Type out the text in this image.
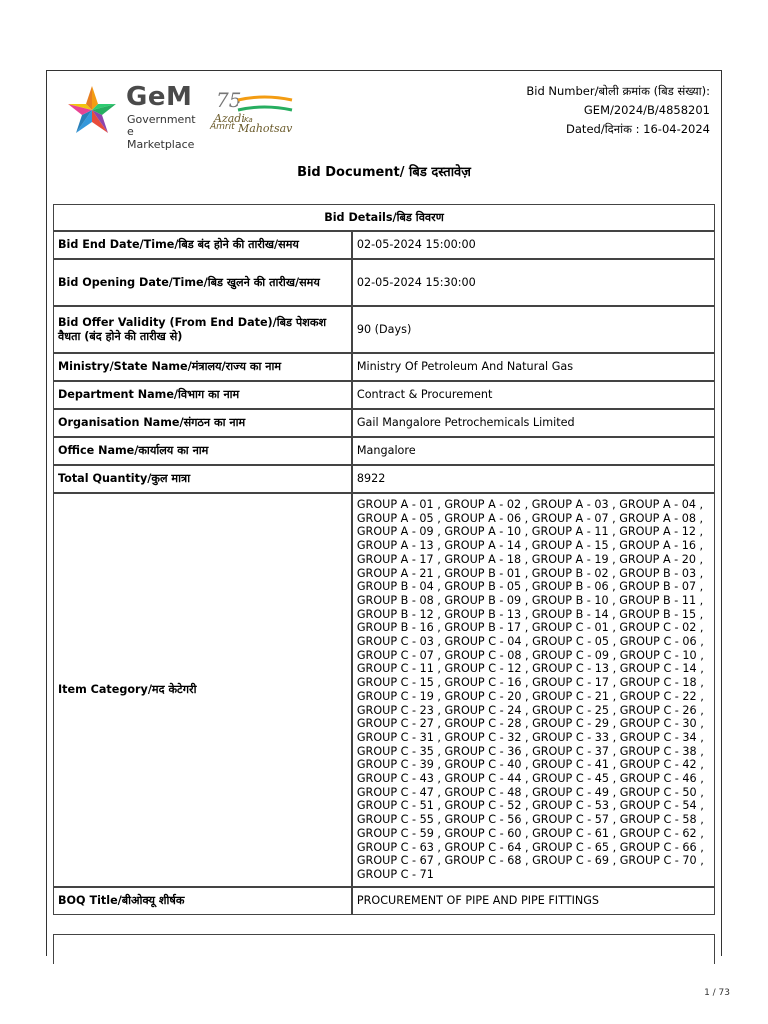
GeM
Government
e Marketplace
75
Azadi Ka
Amrit Mahotsav
Bid Number/बोली क्रमांक (बिड संख्या):
GEM/2024/B/4858201
Dated/दिनांक : 16-04-2024
Bid Document/ बिड दस्तावेज़
Bid Details/बिड विवरण	
Bid End Date/Time/बिड बंद होने की तारीख/समय	02-05-2024 15:00:00
Bid Opening Date/Time/बिड खुलने की तारीख/समय	02-05-2024 15:30:00
Bid Offer Validity (From End Date)/बिड पेशकश वैधता (बंद होने की तारीख से)	90 (Days)
Ministry/State Name/मंत्रालय/राज्य का नाम	Ministry Of Petroleum And Natural Gas
Department Name/विभाग का नाम	Contract & Procurement
Organisation Name/संगठन का नाम	Gail Mangalore Petrochemicals Limited
Office Name/कार्यालय का नाम	Mangalore
Total Quantity/कुल मात्रा	8922
Item Category/मद केटेगरी	GROUP A - 01 , GROUP A - 02 , GROUP A - 03 , GROUP A - 04 , GROUP A - 05 , GROUP A - 06 , GROUP A - 07 , GROUP A - 08 , GROUP A - 09 , GROUP A - 10 , GROUP A - 11 , GROUP A - 12 , GROUP A - 13 , GROUP A - 14 , GROUP A - 15 , GROUP A - 16 , GROUP A - 17 , GROUP A - 18 , GROUP A - 19 , GROUP A - 20 , GROUP A - 21 , GROUP B - 01 , GROUP B - 02 , GROUP B - 03 , GROUP B - 04 , GROUP B - 05 , GROUP B - 06 , GROUP B - 07 , GROUP B - 08 , GROUP B - 09 , GROUP B - 10 , GROUP B - 11 , GROUP B - 12 , GROUP B - 13 , GROUP B - 14 , GROUP B - 15 , GROUP B - 16 , GROUP B - 17 , GROUP C - 01 , GROUP C - 02 , GROUP C - 03 , GROUP C - 04 , GROUP C - 05 , GROUP C - 06 , GROUP C - 07 , GROUP C - 08 , GROUP C - 09 , GROUP C - 10 , GROUP C - 11 , GROUP C - 12 , GROUP C - 13 , GROUP C - 14 , GROUP C - 15 , GROUP C - 16 , GROUP C - 17 , GROUP C - 18 , GROUP C - 19 , GROUP C - 20 , GROUP C - 21 , GROUP C - 22 , GROUP C - 23 , GROUP C - 24 , GROUP C - 25 , GROUP C - 26 , GROUP C - 27 , GROUP C - 28 , GROUP C - 29 , GROUP C - 30 , GROUP C - 31 , GROUP C - 32 , GROUP C - 33 , GROUP C - 34 , GROUP C - 35 , GROUP C - 36 , GROUP C - 37 , GROUP C - 38 , GROUP C - 39 , GROUP C - 40 , GROUP C - 41 , GROUP C - 42 , GROUP C - 43 , GROUP C - 44 , GROUP C - 45 , GROUP C - 46 , GROUP C - 47 , GROUP C - 48 , GROUP C - 49 , GROUP C - 50 , GROUP C - 51 , GROUP C - 52 , GROUP C - 53 , GROUP C - 54 , GROUP C - 55 , GROUP C - 56 , GROUP C - 57 , GROUP C - 58 , GROUP C - 59 , GROUP C - 60 , GROUP C - 61 , GROUP C - 62 , GROUP C - 63 , GROUP C - 64 , GROUP C - 65 , GROUP C - 66 , GROUP C - 67 , GROUP C - 68 , GROUP C - 69 , GROUP C - 70 , GROUP C - 71
BOQ Title/बीओक्यू शीर्षक	PROCUREMENT OF PIPE AND PIPE FITTINGS
1 / 73
